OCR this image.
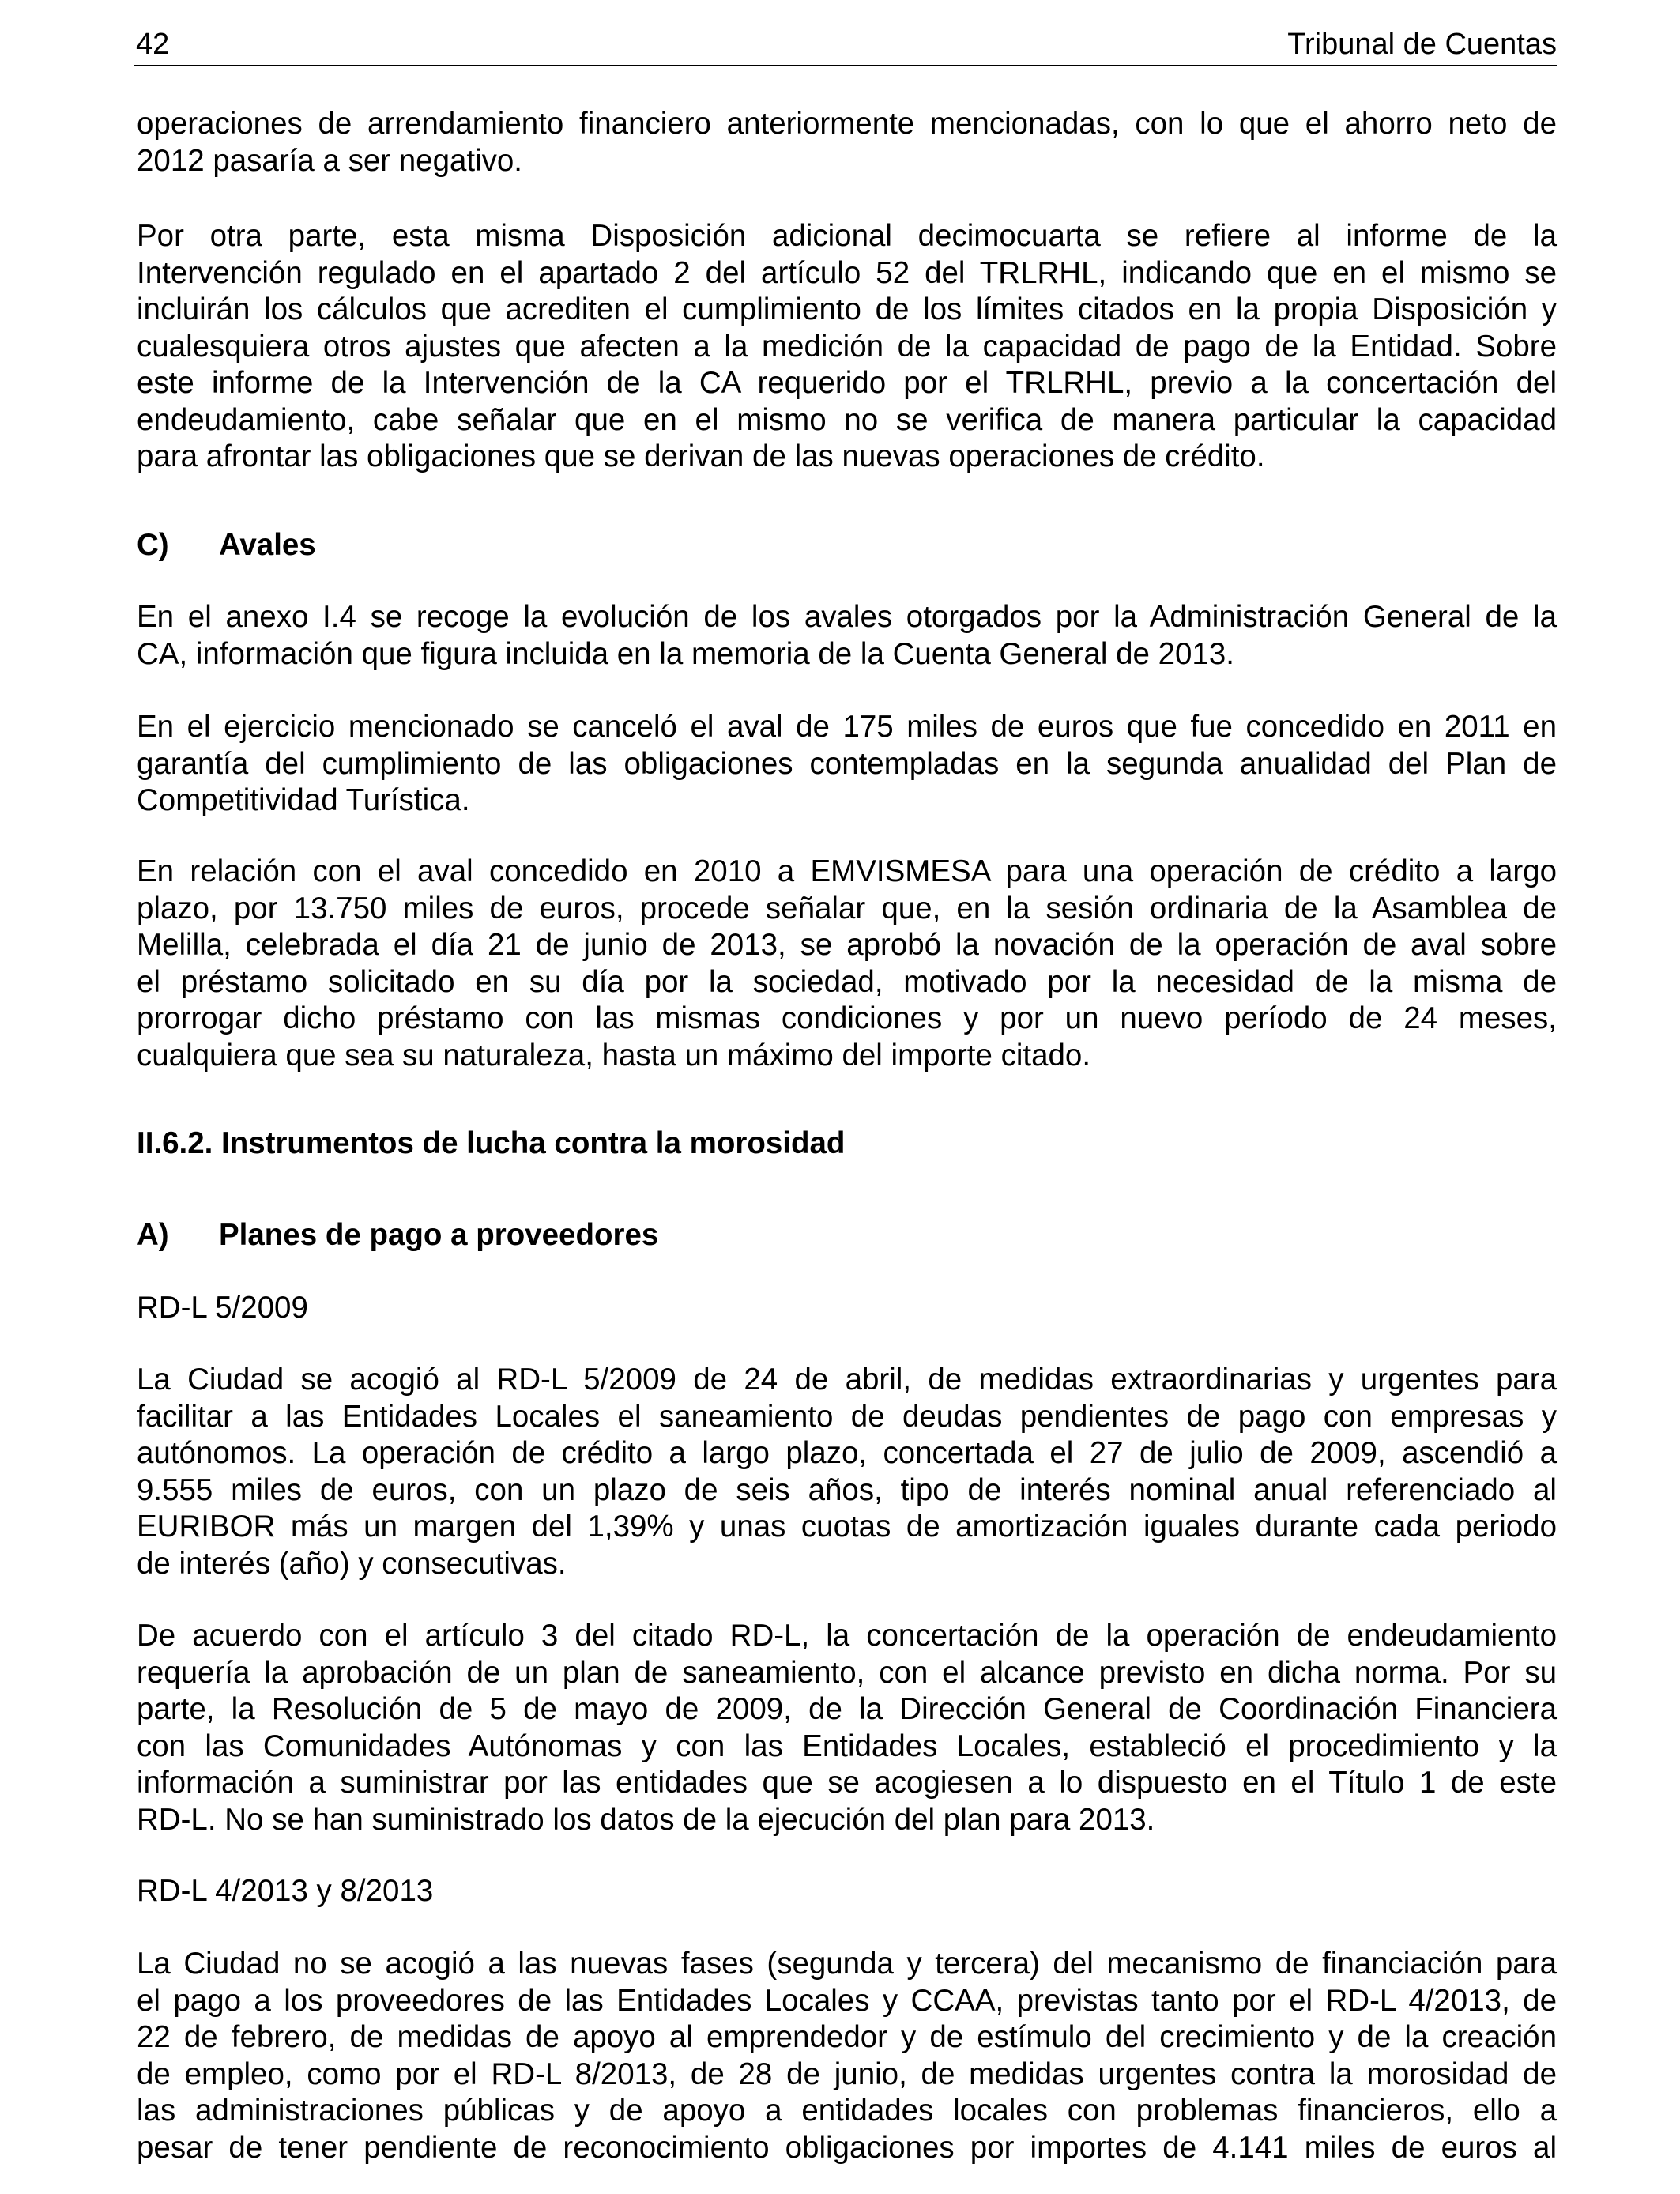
42	Tribunal de Cuentas
operaciones de arrendamiento financiero anteriormente mencionadas, con lo que el ahorro neto de
2012 pasaría a ser negativo.
Por otra parte, esta misma Disposición adicional decimocuarta se refiere al informe de la
Intervención regulado en el apartado 2 del artículo 52 del TRLRHL, indicando que en el mismo se
incluirán los cálculos que acrediten el cumplimiento de los límites citados en la propia Disposición y
cualesquiera otros ajustes que afecten a la medición de la capacidad de pago de la Entidad. Sobre
este informe de la Intervención de la CA requerido por el TRLRHL, previo a la concertación del
endeudamiento, cabe señalar que en el mismo no se verifica de manera particular la capacidad
para afrontar las obligaciones que se derivan de las nuevas operaciones de crédito.
C) Avales
En el anexo I.4 se recoge la evolución de los avales otorgados por la Administración General de la
CA, información que figura incluida en la memoria de la Cuenta General de 2013.
En el ejercicio mencionado se canceló el aval de 175 miles de euros que fue concedido en 2011 en
garantía del cumplimiento de las obligaciones contempladas en la segunda anualidad del Plan de
Competitividad Turística.
En relación con el aval concedido en 2010 a EMVISMESA para una operación de crédito a largo
plazo, por 13.750 miles de euros, procede señalar que, en la sesión ordinaria de la Asamblea de
Melilla, celebrada el día 21 de junio de 2013, se aprobó la novación de la operación de aval sobre
el préstamo solicitado en su día por la sociedad, motivado por la necesidad de la misma de
prorrogar dicho préstamo con las mismas condiciones y por un nuevo período de 24 meses,
cualquiera que sea su naturaleza, hasta un máximo del importe citado.
II.6.2. Instrumentos de lucha contra la morosidad
A) Planes de pago a proveedores
RD-L 5/2009
La Ciudad se acogió al RD-L 5/2009 de 24 de abril, de medidas extraordinarias y urgentes para
facilitar a las Entidades Locales el saneamiento de deudas pendientes de pago con empresas y
autónomos. La operación de crédito a largo plazo, concertada el 27 de julio de 2009, ascendió a
9.555 miles de euros, con un plazo de seis años, tipo de interés nominal anual referenciado al
EURIBOR más un margen del 1,39% y unas cuotas de amortización iguales durante cada periodo
de interés (año) y consecutivas.
De acuerdo con el artículo 3 del citado RD-L, la concertación de la operación de endeudamiento
requería la aprobación de un plan de saneamiento, con el alcance previsto en dicha norma. Por su
parte, la Resolución de 5 de mayo de 2009, de la Dirección General de Coordinación Financiera
con las Comunidades Autónomas y con las Entidades Locales, estableció el procedimiento y la
información a suministrar por las entidades que se acogiesen a lo dispuesto en el Título 1 de este
RD-L. No se han suministrado los datos de la ejecución del plan para 2013.
RD-L 4/2013 y 8/2013
La Ciudad no se acogió a las nuevas fases (segunda y tercera) del mecanismo de financiación para
el pago a los proveedores de las Entidades Locales y CCAA, previstas tanto por el RD-L 4/2013, de
22 de febrero, de medidas de apoyo al emprendedor y de estímulo del crecimiento y de la creación
de empleo, como por el RD-L 8/2013, de 28 de junio, de medidas urgentes contra la morosidad de
las administraciones públicas y de apoyo a entidades locales con problemas financieros, ello a
pesar de tener pendiente de reconocimiento obligaciones por importes de 4.141 miles de euros al
